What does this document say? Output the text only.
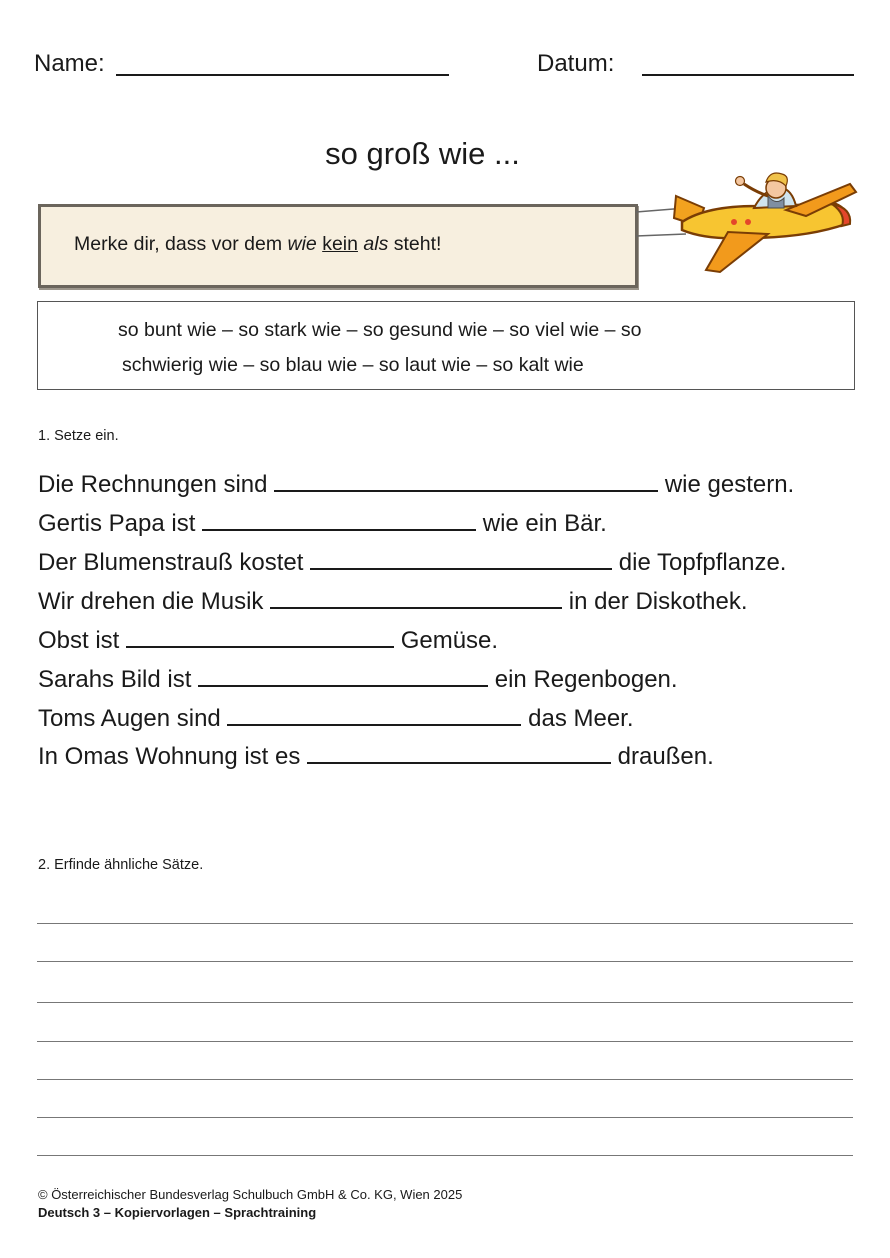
Name:	Datum:
so groß wie ...
Merke dir, dass vor dem wie kein als steht!
so bunt wie – so stark wie – so gesund wie – so viel wie – so
schwierig wie – so blau wie – so laut wie – so kalt wie
1. Setze ein.
Die Rechnungen sind	wie gestern.
Gertis Papa ist	wie ein Bär.
Der Blumenstrauß kostet	die Topfpflanze.
Wir drehen die Musik	in der Diskothek.
Obst ist	Gemüse.
Sarahs Bild ist	ein Regenbogen.
Toms Augen sind	das Meer.
In Omas Wohnung ist es	draußen.
2. Erfinde ähnliche Sätze.
© Österreichischer Bundesverlag Schulbuch GmbH & Co. KG, Wien 2025
Deutsch 3 – Kopiervorlagen – Sprachtraining
